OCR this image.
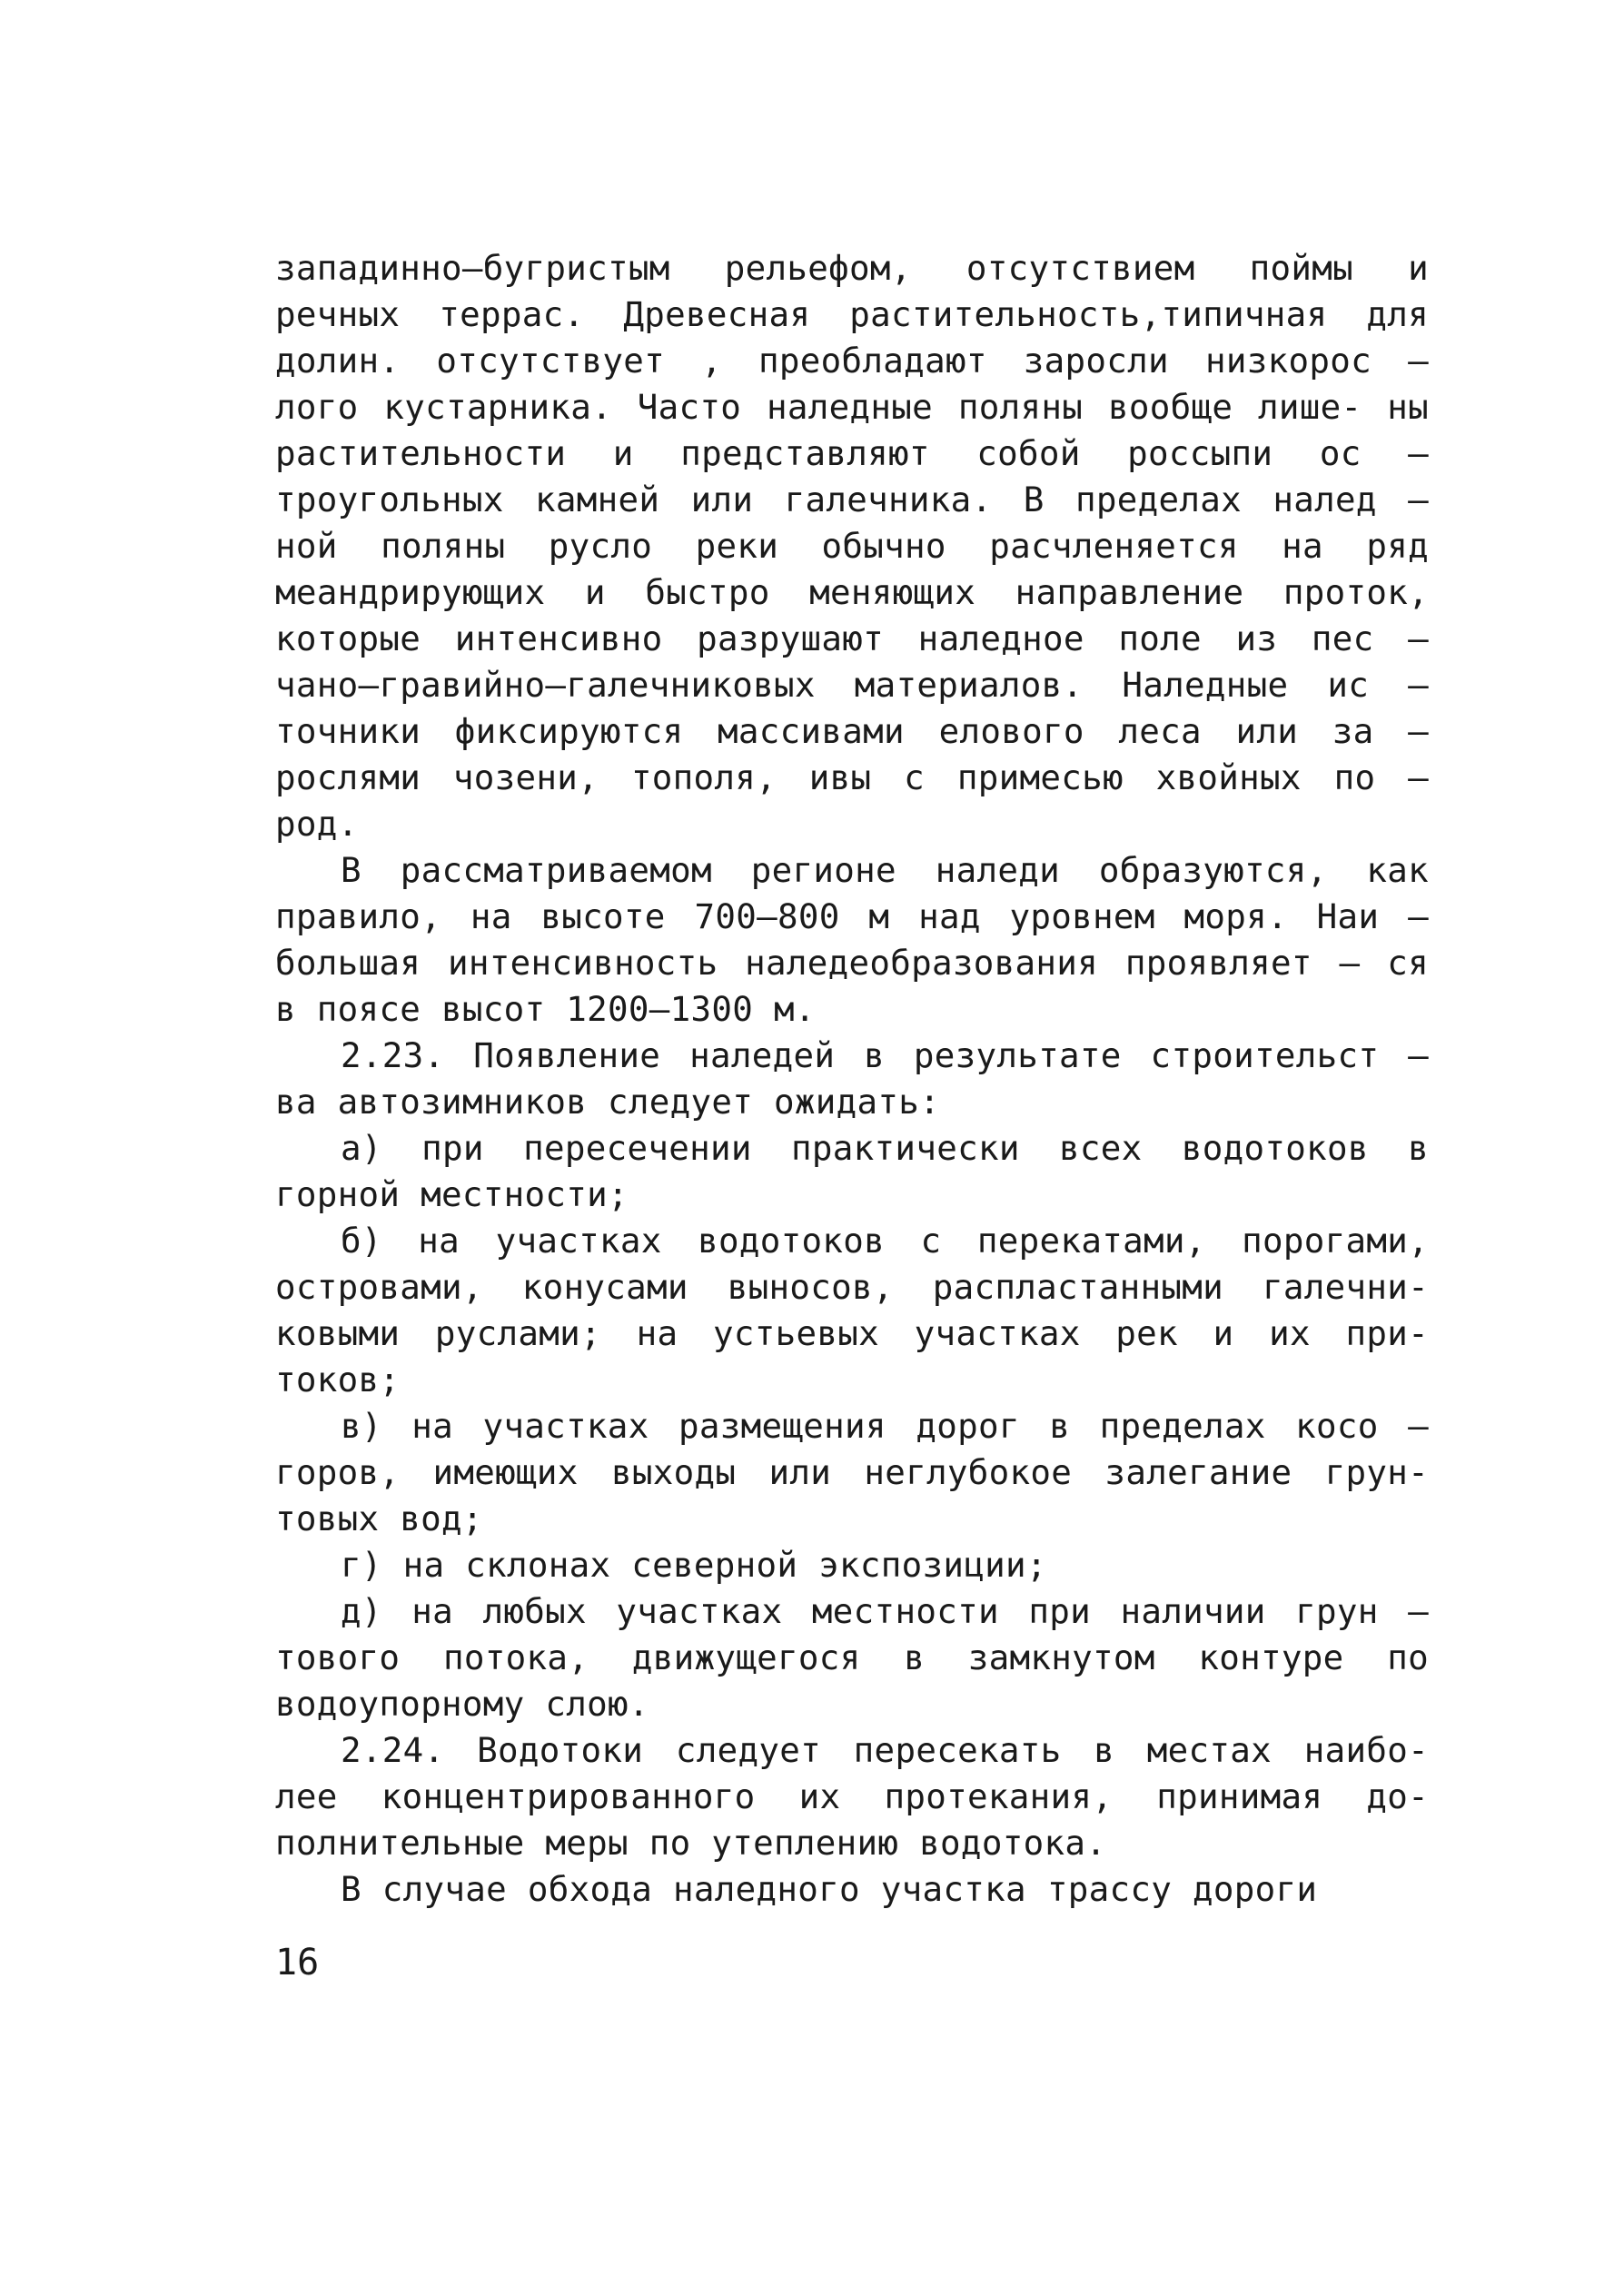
западинно–бугристым рельефом, отсутствием поймы и речных террас. Древесная растительность,типичная для долин. отсутствует , преобладают заросли низкорос – лого кустарника. Часто наледные поляны вообще лише- ны растительности и представляют собой россыпи ос – троугольных камней или галечника. В пределах налед – ной поляны русло реки обычно расчленяется на ряд меандрирующих и быстро меняющих направление проток, которые интенсивно разрушают наледное поле из пес – чано–гравийно–галечниковых материалов. Наледные ис – точники фиксируются массивами елового леса или за – рослями чозени, тополя, ивы с примесью хвойных по – род.

В рассматриваемом регионе наледи образуются, как правило, на высоте 700–800 м над уровнем моря. Наи – большая интенсивность наледеобразования проявляет – ся в поясе высот 1200–1300 м.

2.23. Появление наледей в результате строительст – ва автозимников следует ожидать:

а) при пересечении практически всех водотоков в горной местности;

б) на участках водотоков с перекатами, порогами, островами, конусами выносов, распластанными галечни- ковыми руслами; на устьевых участках рек и их при- токов;

в) на участках размещения дорог в пределах косо – горов, имеющих выходы или неглубокое залегание грун- товых вод;

г) на склонах северной экспозиции;

д) на любых участках местности при наличии грун – тового потока, движущегося в замкнутом контуре по водоупорному слою.

2.24. Водотоки следует пересекать в местах наибо- лее концентрированного их протекания, принимая до- полнительные меры по утеплению водотока.

В случае обхода наледного участка трассу дороги

16
